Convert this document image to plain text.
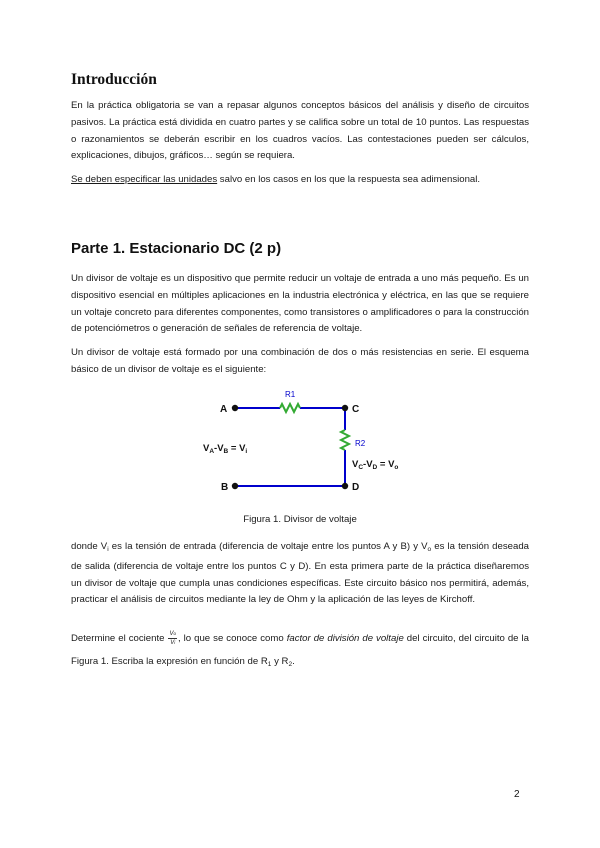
Introducción
En la práctica obligatoria se van a repasar algunos conceptos básicos del análisis y diseño de circuitos pasivos. La práctica está dividida en cuatro partes y se califica sobre un total de 10 puntos. Las respuestas o razonamientos se deberán escribir en los cuadros vacíos. Las contestaciones pueden ser cálculos, explicaciones, dibujos, gráficos… según se requiera.
Se deben especificar las unidades salvo en los casos en los que la respuesta sea adimensional.
Parte 1. Estacionario DC (2 p)
Un divisor de voltaje es un dispositivo que permite reducir un voltaje de entrada a uno más pequeño. Es un dispositivo esencial en múltiples aplicaciones en la industria electrónica y eléctrica, en las que se requiere un voltaje concreto para diferentes componentes, como transistores o amplificadores o para la construcción de potenciómetros o generación de señales de referencia de voltaje.
Un divisor de voltaje está formado por una combinación de dos o más resistencias en serie. El esquema básico de un divisor de voltaje es el siguiente:
A
B
C
D
R1
R2
$V_A-V_B = V_i$
$V_C-V_D = V_o$
Figura 1. Divisor de voltaje
donde $V_i$ es la tensión de entrada (diferencia de voltaje entre los puntos A y B) y $V_o$ es la tensión deseada de salida (diferencia de voltaje entre los puntos C y D). En esta primera parte de la práctica diseñaremos un divisor de voltaje que cumpla unas condiciones específicas. Este circuito básico nos permitirá, además, practicar el análisis de circuitos mediante la ley de Ohm y la aplicación de las leyes de Kirchoff.
Determine el cociente $\frac{Vo}{Vi}$ , lo que se conoce como factor de división de voltaje del circuito, del circuito de la Figura 1. Escriba la expresión en función de $R_1$ y $R_2$.
2
